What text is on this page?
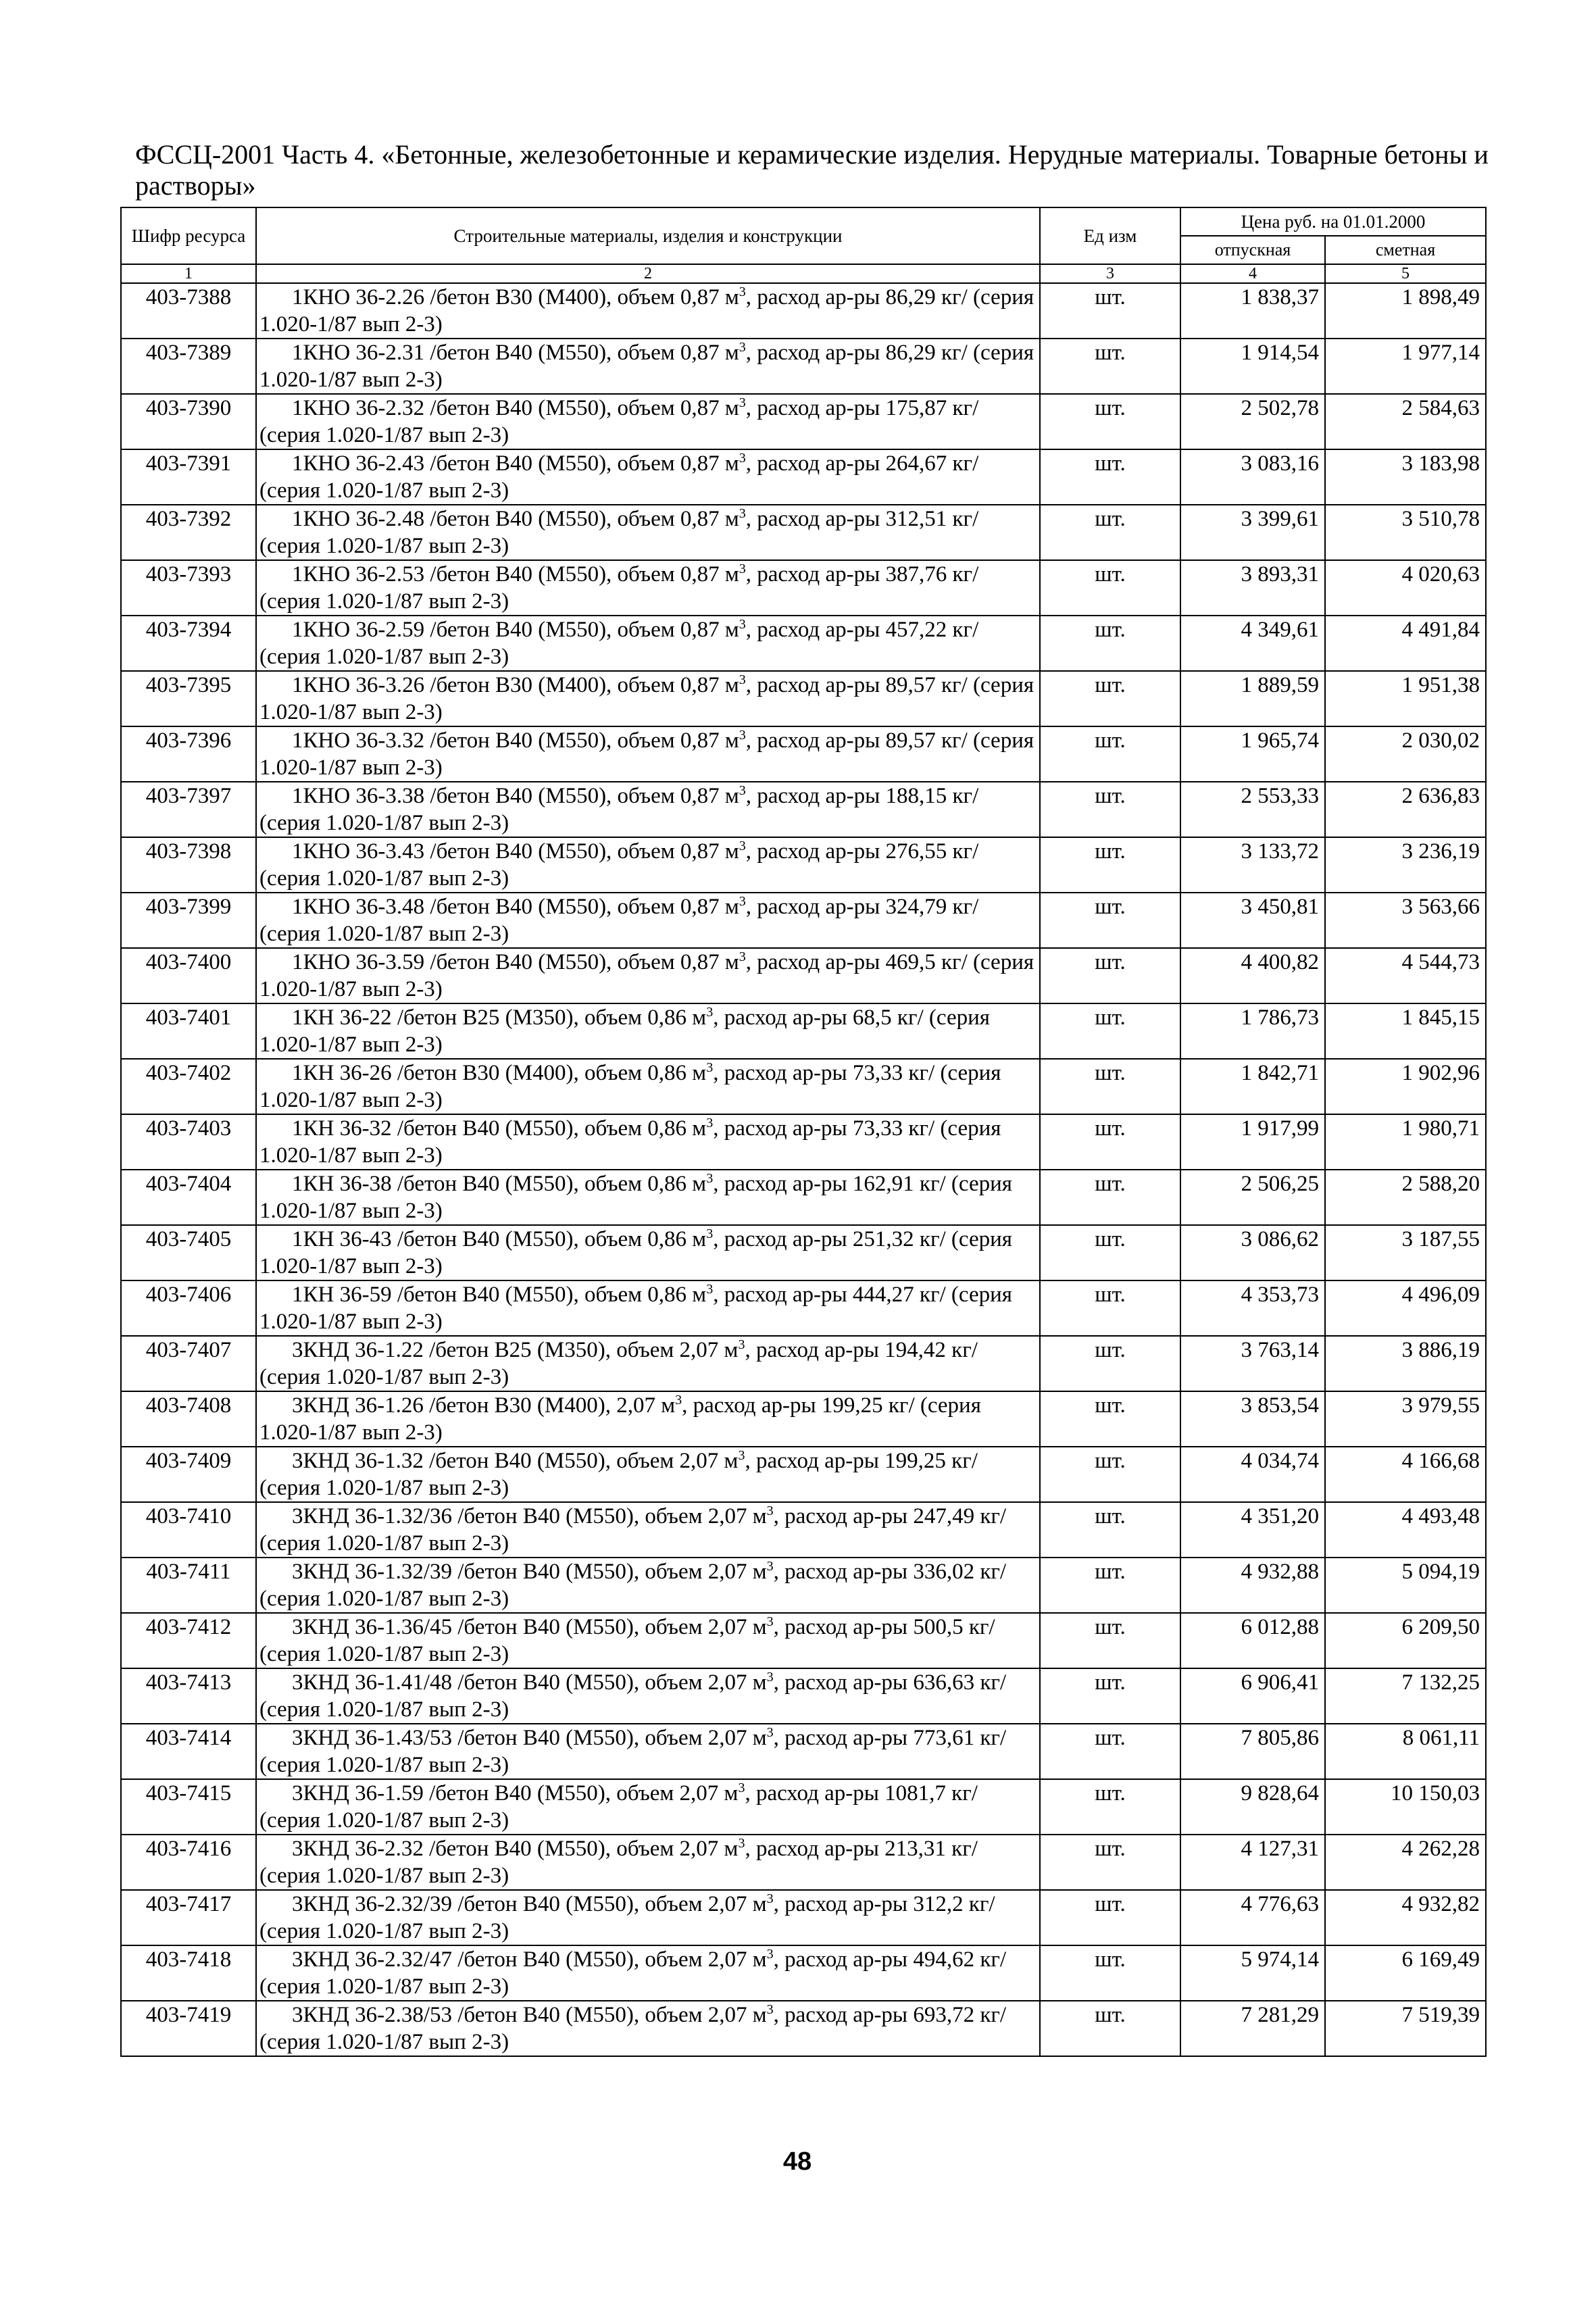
ФССЦ-2001 Часть 4. «Бетонные, железобетонные и керамические изделия. Нерудные материалы. Товарные бетоны и растворы»
Шифр ресурса	Строительные материалы, изделия и конструкции	Ед изм	Цена руб. на 01.01.2000	
			отпускная	сметная
1	2	3	4	5
403-7388	1КНО 36-2.26 /бетон В30 (М400), объем 0,87 $м^3$, расход ар-ры 86,29 кг/ (серия 1.020-1/87 вып 2-3)	шт.	1 838,37	1 898,49
403-7389	1КНО 36-2.31 /бетон В40 (М550), объем 0,87 $м^3$, расход ар-ры 86,29 кг/ (серия 1.020-1/87 вып 2-3)	шт.	1 914,54	1 977,14
403-7390	1КНО 36-2.32 /бетон В40 (М550), объем 0,87 $м^3$, расход ар-ры 175,87 кг/ (серия 1.020-1/87 вып 2-3)	шт.	2 502,78	2 584,63
403-7391	1КНО 36-2.43 /бетон В40 (М550), объем 0,87 $м^3$, расход ар-ры 264,67 кг/ (серия 1.020-1/87 вып 2-3)	шт.	3 083,16	3 183,98
403-7392	1КНО 36-2.48 /бетон В40 (М550), объем 0,87 $м^3$, расход ар-ры 312,51 кг/ (серия 1.020-1/87 вып 2-3)	шт.	3 399,61	3 510,78
403-7393	1КНО 36-2.53 /бетон В40 (М550), объем 0,87 $м^3$, расход ар-ры 387,76 кг/ (серия 1.020-1/87 вып 2-3)	шт.	3 893,31	4 020,63
403-7394	1КНО 36-2.59 /бетон В40 (М550), объем 0,87 $м^3$, расход ар-ры 457,22 кг/ (серия 1.020-1/87 вып 2-3)	шт.	4 349,61	4 491,84
403-7395	1КНО 36-3.26 /бетон В30 (М400), объем 0,87 $м^3$, расход ар-ры 89,57 кг/ (серия 1.020-1/87 вып 2-3)	шт.	1 889,59	1 951,38
403-7396	1КНО 36-3.32 /бетон В40 (М550), объем 0,87 $м^3$, расход ар-ры 89,57 кг/ (серия 1.020-1/87 вып 2-3)	шт.	1 965,74	2 030,02
403-7397	1КНО 36-3.38 /бетон В40 (М550), объем 0,87 $м^3$, расход ар-ры 188,15 кг/ (серия 1.020-1/87 вып 2-3)	шт.	2 553,33	2 636,83
403-7398	1КНО 36-3.43 /бетон В40 (М550), объем 0,87 $м^3$, расход ар-ры 276,55 кг/ (серия 1.020-1/87 вып 2-3)	шт.	3 133,72	3 236,19
403-7399	1КНО 36-3.48 /бетон В40 (М550), объем 0,87 $м^3$, расход ар-ры 324,79 кг/ (серия 1.020-1/87 вып 2-3)	шт.	3 450,81	3 563,66
403-7400	1КНО 36-3.59 /бетон В40 (М550), объем 0,87 $м^3$, расход ар-ры 469,5 кг/ (серия 1.020-1/87 вып 2-3)	шт.	4 400,82	4 544,73
403-7401	1КН 36-22 /бетон В25 (М350), объем 0,86 $м^3$, расход ар-ры 68,5 кг/ (серия 1.020-1/87 вып 2-3)	шт.	1 786,73	1 845,15
403-7402	1КН 36-26 /бетон В30 (М400), объем 0,86 $м^3$, расход ар-ры 73,33 кг/ (серия 1.020-1/87 вып 2-3)	шт.	1 842,71	1 902,96
403-7403	1КН 36-32 /бетон В40 (М550), объем 0,86 $м^3$, расход ар-ры 73,33 кг/ (серия 1.020-1/87 вып 2-3)	шт.	1 917,99	1 980,71
403-7404	1КН 36-38 /бетон В40 (М550), объем 0,86 $м^3$, расход ар-ры 162,91 кг/ (серия 1.020-1/87 вып 2-3)	шт.	2 506,25	2 588,20
403-7405	1КН 36-43 /бетон В40 (М550), объем 0,86 $м^3$, расход ар-ры 251,32 кг/ (серия 1.020-1/87 вып 2-3)	шт.	3 086,62	3 187,55
403-7406	1КН 36-59 /бетон В40 (М550), объем 0,86 $м^3$, расход ар-ры 444,27 кг/ (серия 1.020-1/87 вып 2-3)	шт.	4 353,73	4 496,09
403-7407	3КНД 36-1.22 /бетон В25 (М350), объем 2,07 $м^3$, расход ар-ры 194,42 кг/ (серия 1.020-1/87 вып 2-3)	шт.	3 763,14	3 886,19
403-7408	3КНД 36-1.26 /бетон В30 (М400), 2,07 $м^3$, расход ар-ры 199,25 кг/ (серия 1.020-1/87 вып 2-3)	шт.	3 853,54	3 979,55
403-7409	3КНД 36-1.32 /бетон В40 (М550), объем 2,07 $м^3$, расход ар-ры 199,25 кг/ (серия 1.020-1/87 вып 2-3)	шт.	4 034,74	4 166,68
403-7410	3КНД 36-1.32/36 /бетон В40 (М550), объем 2,07 $м^3$, расход ар-ры 247,49 кг/ (серия 1.020-1/87 вып 2-3)	шт.	4 351,20	4 493,48
403-7411	3КНД 36-1.32/39 /бетон В40 (М550), объем 2,07 $м^3$, расход ар-ры 336,02 кг/ (серия 1.020-1/87 вып 2-3)	шт.	4 932,88	5 094,19
403-7412	3КНД 36-1.36/45 /бетон В40 (М550), объем 2,07 $м^3$, расход ар-ры 500,5 кг/ (серия 1.020-1/87 вып 2-3)	шт.	6 012,88	6 209,50
403-7413	3КНД 36-1.41/48 /бетон В40 (М550), объем 2,07 $м^3$, расход ар-ры 636,63 кг/ (серия 1.020-1/87 вып 2-3)	шт.	6 906,41	7 132,25
403-7414	3КНД 36-1.43/53 /бетон В40 (М550), объем 2,07 $м^3$, расход ар-ры 773,61 кг/ (серия 1.020-1/87 вып 2-3)	шт.	7 805,86	8 061,11
403-7415	3КНД 36-1.59 /бетон В40 (М550), объем 2,07 $м^3$, расход ар-ры 1081,7 кг/ (серия 1.020-1/87 вып 2-3)	шт.	9 828,64	10 150,03
403-7416	3КНД 36-2.32 /бетон В40 (М550), объем 2,07 $м^3$, расход ар-ры 213,31 кг/ (серия 1.020-1/87 вып 2-3)	шт.	4 127,31	4 262,28
403-7417	3КНД 36-2.32/39 /бетон В40 (М550), объем 2,07 $м^3$, расход ар-ры 312,2 кг/ (серия 1.020-1/87 вып 2-3)	шт.	4 776,63	4 932,82
403-7418	3КНД 36-2.32/47 /бетон В40 (М550), объем 2,07 $м^3$, расход ар-ры 494,62 кг/ (серия 1.020-1/87 вып 2-3)	шт.	5 974,14	6 169,49
403-7419	3КНД 36-2.38/53 /бетон В40 (М550), объем 2,07 $м^3$, расход ар-ры 693,72 кг/ (серия 1.020-1/87 вып 2-3)	шт.	7 281,29	7 519,39
48
